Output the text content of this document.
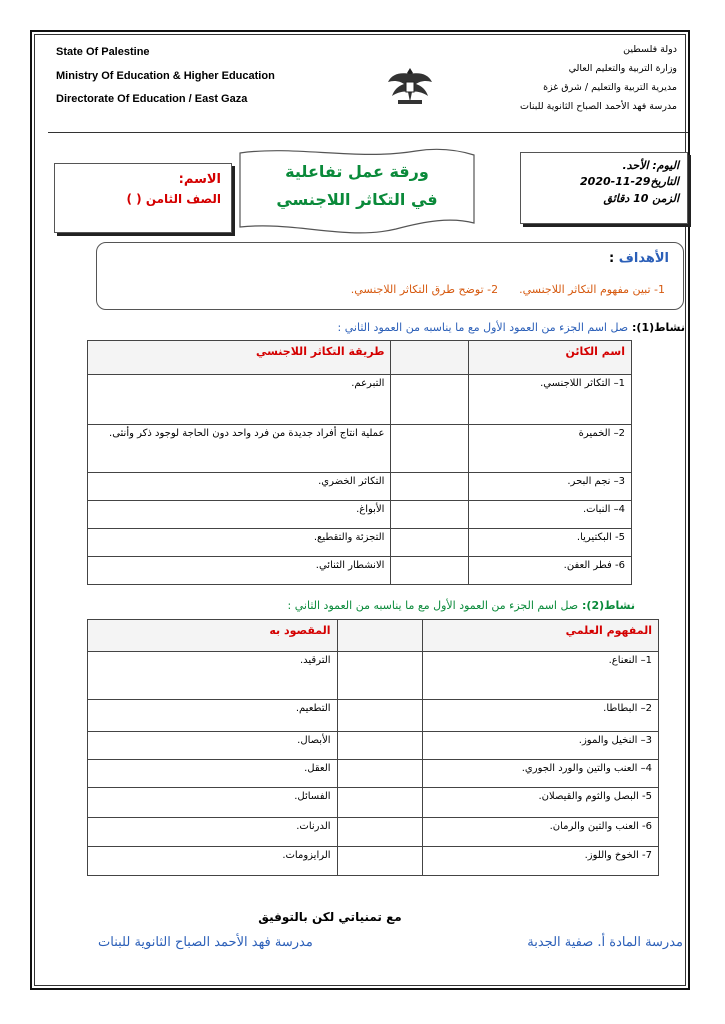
State Of Palestine
Ministry Of Education & Higher Education
Directorate Of Education / East Gaza
دولة فلسطين
وزارة التربية والتعليم العالي
مديرية التربية والتعليم / شرق غزة
مدرسة فهد الأحمد الصباح الثانوية للبنات
الاسم:
الصف الثامن ( )
ورقة عمل تفاعلية
في التكاثر اللاجنسي
اليوم: الأحد.
التاريخ29-11-2020
الزمن 10 دقائق
الأهداف :
1- تبين مفهوم التكاثر اللاجنسي.      2- توضح طرق التكاثر اللاجنسي.
نشاط(1): صل اسم الجزء من العمود الأول مع ما يناسبه من العمود الثاني :
اسم الكائن		طريقة التكاثر اللاجنسي
1– التكاثر اللاجنسي.		التبرعم.
2– الخميرة		عملية انتاج أفراد جديدة من فرد واحد دون الحاجة لوجود ذكر وأنثى.
3– نجم البحر.		التكاثر الخضري.
4– النبات.		الأبواغ.
5- البكتيريا.		التجزئة والتقطيع.
6- فطر العفن.		الانشطار الثنائي.
نشاط(2): صل اسم الجزء من العمود الأول مع ما يناسبه من العمود الثاني :
المفهوم العلمي		المقصود به
1– النعناع.		الترقيد.
2– البطاطا.		التطعيم.
3– النخيل والموز.		الأبصال.
4– العنب والتين والورد الجوري.		العقل.
5- البصل والثوم والقيصلان.		الفسائل.
6- العنب والتين والرمان.		الدرنات.
7- الخوخ واللوز.		الرايزومات.
مع تمنياتي لكن بالتوفيق
مدرسة المادة أ. صفية الجدبة
مدرسة فهد الأحمد الصباح الثانوية للبنات
